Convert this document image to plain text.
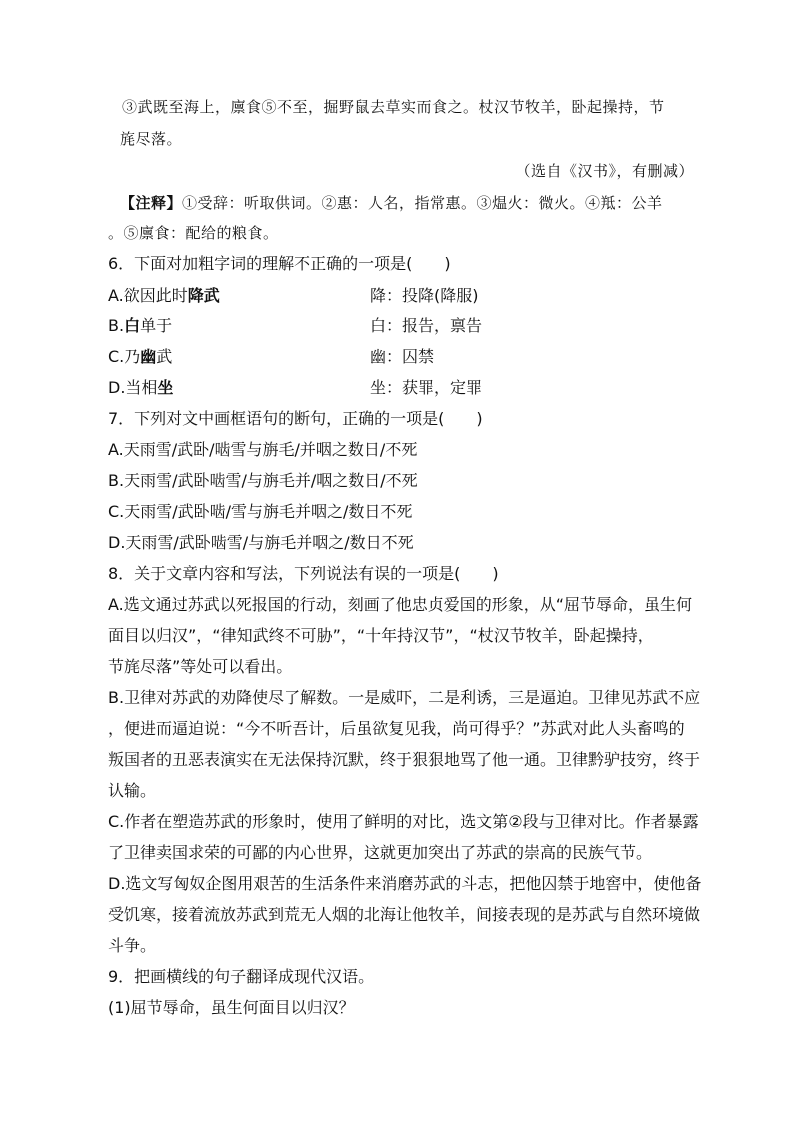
③武既至海上，廪食⑤不至，掘野鼠去草实而食之。杖汉节牧羊，卧起操持，节
旄尽落。
（选自《汉书》，有删减）
【注释】①受辞：听取供词。②惠：人名，指常惠。③煴火：微火。④羝：公羊
。⑤廪食：配给的粮食。
6．下面对加粗字词的理解不正确的一项是(　　)
A.欲因此时降武	降：投降(降服)
B.白单于	白：报告，禀告
C.乃幽武	幽：囚禁
D.当相坐	坐：获罪，定罪
7．下列对文中画框语句的断句，正确的一项是(　　)
A.天雨雪/武卧/啮雪与旃毛/并咽之数日/不死
B.天雨雪/武卧啮雪/与旃毛并/咽之数日/不死
C.天雨雪/武卧啮/雪与旃毛并咽之/数日不死
D.天雨雪/武卧啮雪/与旃毛并咽之/数日不死
8．关于文章内容和写法，下列说法有误的一项是(　　)
A.选文通过苏武以死报国的行动，刻画了他忠贞爱国的形象，从“屈节辱命，虽生何
面目以归汉”，“律知武终不可胁”，“十年持汉节”，“杖汉节牧羊，卧起操持，
节旄尽落”等处可以看出。
B.卫律对苏武的劝降使尽了解数。一是威吓，二是利诱，三是逼迫。卫律见苏武不应
，便进而逼迫说：“今不听吾计，后虽欲复见我，尚可得乎？”苏武对此人头畜鸣的
叛国者的丑恶表演实在无法保持沉默，终于狠狠地骂了他一通。卫律黔驴技穷，终于
认输。
C.作者在塑造苏武的形象时，使用了鲜明的对比，选文第②段与卫律对比。作者暴露
了卫律卖国求荣的可鄙的内心世界，这就更加突出了苏武的崇高的民族气节。
D.选文写匈奴企图用艰苦的生活条件来消磨苏武的斗志，把他囚禁于地窖中，使他备
受饥寒，接着流放苏武到荒无人烟的北海让他牧羊，间接表现的是苏武与自然环境做
斗争。
9．把画横线的句子翻译成现代汉语。
(1)屈节辱命，虽生何面目以归汉？
